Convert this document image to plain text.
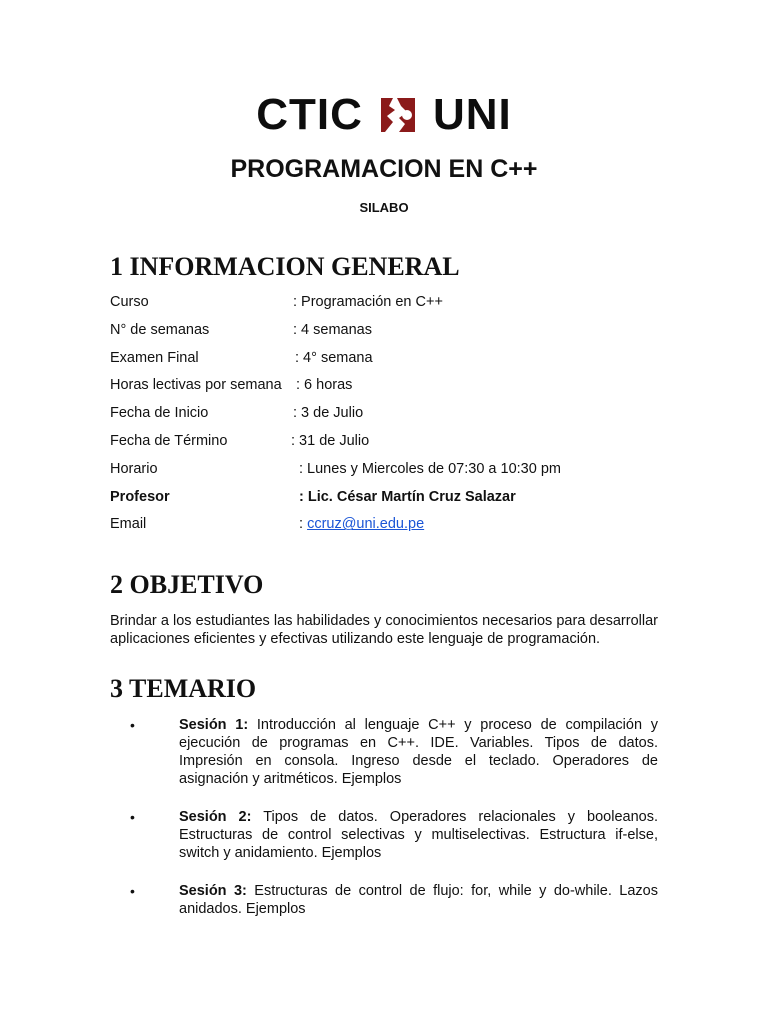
CTIC UNI
PROGRAMACION EN C++
SILABO
1 INFORMACION GENERAL
Curso	: Programación en C++
N° de semanas	: 4 semanas
Examen Final	: 4° semana
Horas lectivas por semana : 6 horas
Fecha de Inicio	: 3 de Julio
Fecha de Término	: 31 de Julio
Horario	: Lunes y Miercoles de 07:30 a 10:30 pm
Profesor	: Lic. César Martín Cruz Salazar
Email	: ccruz@uni.edu.pe
2 OBJETIVO
Brindar a los estudiantes las habilidades y conocimientos necesarios para desarrollar aplicaciones eficientes y efectivas utilizando este lenguaje de programación.
3 TEMARIO
•	Sesión 1: Introducción al lenguaje C++ y proceso de compilación y ejecución de programas en C++. IDE. Variables. Tipos de datos. Impresión en consola. Ingreso desde el teclado. Operadores de asignación y aritméticos. Ejemplos
•	Sesión 2: Tipos de datos. Operadores relacionales y booleanos. Estructuras de control selectivas y multiselectivas. Estructura if-else, switch y anidamiento. Ejemplos
•	Sesión 3: Estructuras de control de flujo: for, while y do-while. Lazos anidados. Ejemplos
